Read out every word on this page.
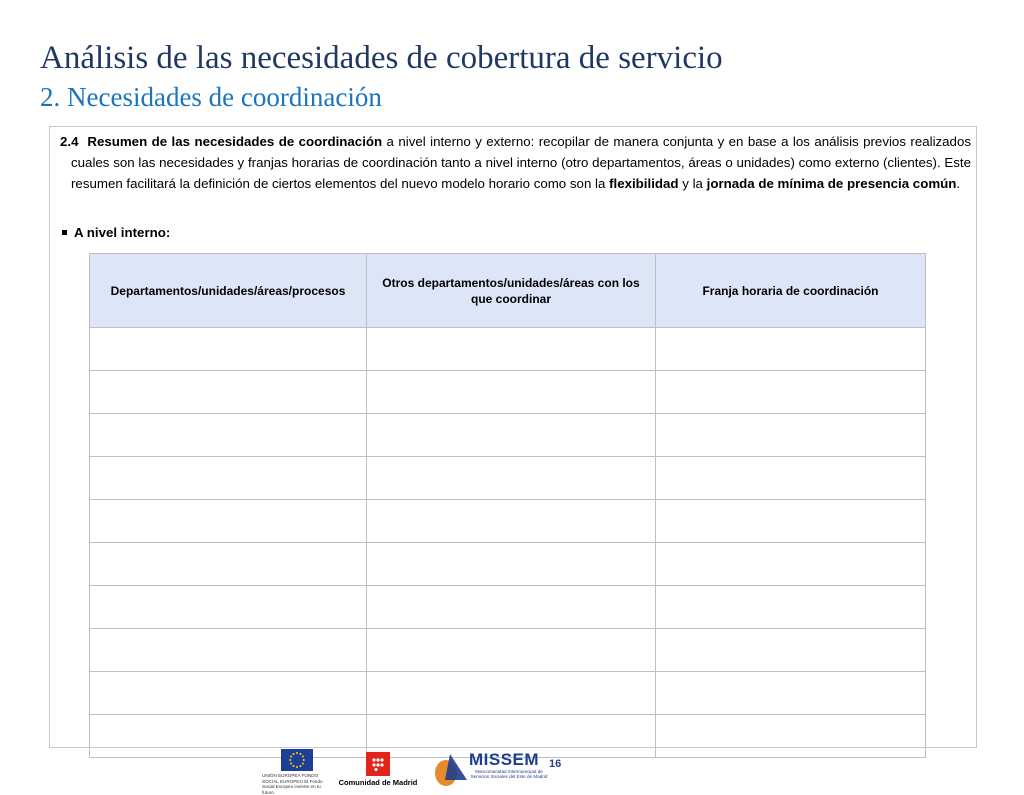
Análisis de las necesidades de cobertura de servicio
2. Necesidades de coordinación
2.4 Resumen de las necesidades de coordinación a nivel interno y externo: recopilar de manera conjunta y en base a los análisis previos realizados cuales son las necesidades y franjas horarias de coordinación tanto a nivel interno (otro departamentos, áreas o unidades) como externo (clientes). Este resumen facilitará la definición de ciertos elementos del nuevo modelo horario como son la flexibilidad y la jornada de mínima de presencia común.
A nivel interno:
Departamentos/unidades/áreas/procesos	Otros departamentos/unidades/áreas con los que coordinar	Franja horaria de coordinación

UNIÓN EUROPEA FONDO SOCIAL EUROPEO El Fondo Social Europeo invierte en tu futuro
Comunidad de Madrid
MISSEM
Mancomunidad Intermunicipal de Servicios Sociales del Este de Madrid
16
